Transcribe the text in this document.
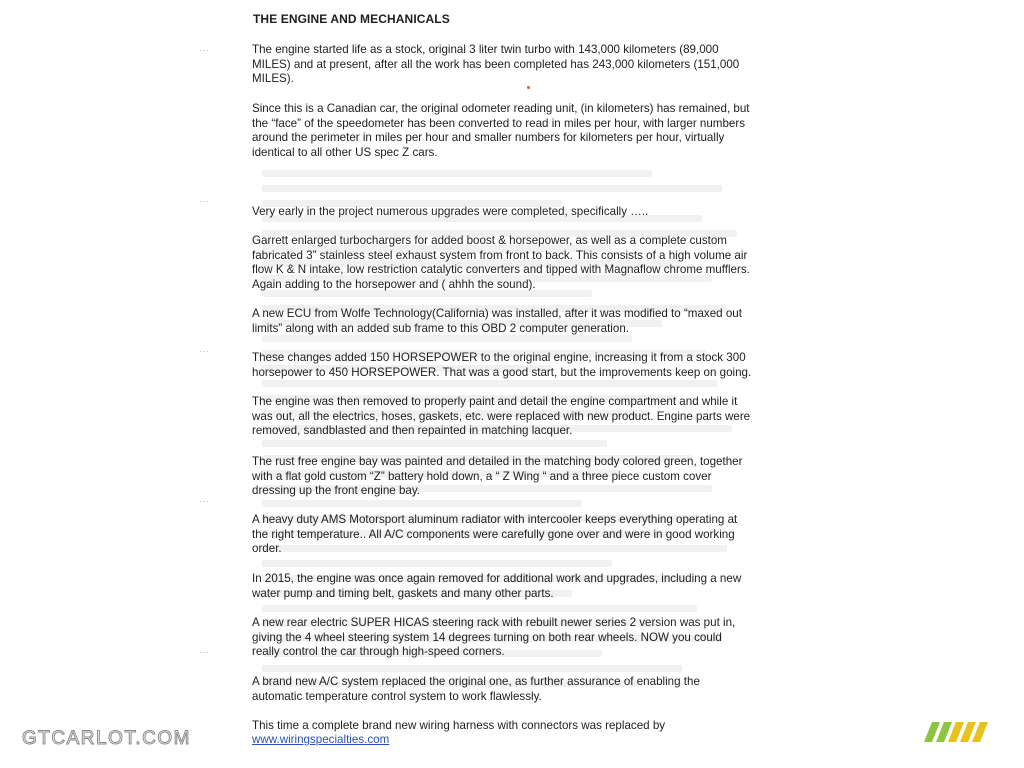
...
...
...
...
...
THE ENGINE AND MECHANICALS

The engine started life as a stock, original 3 liter twin turbo with 143,000 kilometers (89,000
MILES) and at present, after all the work has been completed has 243,000 kilometers (151,000
MILES).

Since this is a Canadian car, the original odometer reading unit, (in kilometers) has remained, but
the “face” of the speedometer has been converted to read in miles per hour, with larger numbers
around the perimeter in miles per hour and smaller numbers for kilometers per hour, virtually
identical to all other US spec Z cars.

Very early in the project numerous upgrades were completed, specifically …..

Garrett enlarged turbochargers for added boost & horsepower, as well as a complete custom
fabricated 3” stainless steel exhaust system from front to back. This consists of a high volume air
flow K & N intake, low restriction catalytic converters and tipped with Magnaflow chrome mufflers.
Again adding to the horsepower and ( ahhh the sound).

A new ECU from Wolfe Technology(California) was installed, after it was modified to “maxed out
limits” along with an added sub frame to this OBD 2 computer generation.

These changes added 150 HORSEPOWER to the original engine, increasing it from a stock 300
horsepower to 450 HORSEPOWER. That was a good start, but the improvements keep on going.

The engine was then removed to properly paint and detail the engine compartment and while it
was out, all the electrics, hoses, gaskets, etc. were replaced with new product. Engine parts were
removed, sandblasted and then repainted in matching lacquer.

The rust free engine bay was painted and detailed in the matching body colored green, together
with a flat gold custom “Z” battery hold down, a “ Z Wing “ and a three piece custom cover
dressing up the front engine bay.

A heavy duty AMS Motorsport aluminum radiator with intercooler keeps everything operating at
the right temperature.. All A/C components were carefully gone over and were in good working
order.

In 2015, the engine was once again removed for additional work and upgrades, including a new
water pump and timing belt, gaskets and many other parts.

A new rear electric SUPER HICAS steering rack with rebuilt newer series 2 version was put in,
giving the 4 wheel steering system 14 degrees turning on both rear wheels. NOW you could
really control the car through high-speed corners.

A brand new A/C system replaced the original one, as further assurance of enabling the
automatic temperature control system to work flawlessly.

This time a complete brand new wiring harness with connectors was replaced by

www.wiringspecialties.com
GTCARLOT.COM
